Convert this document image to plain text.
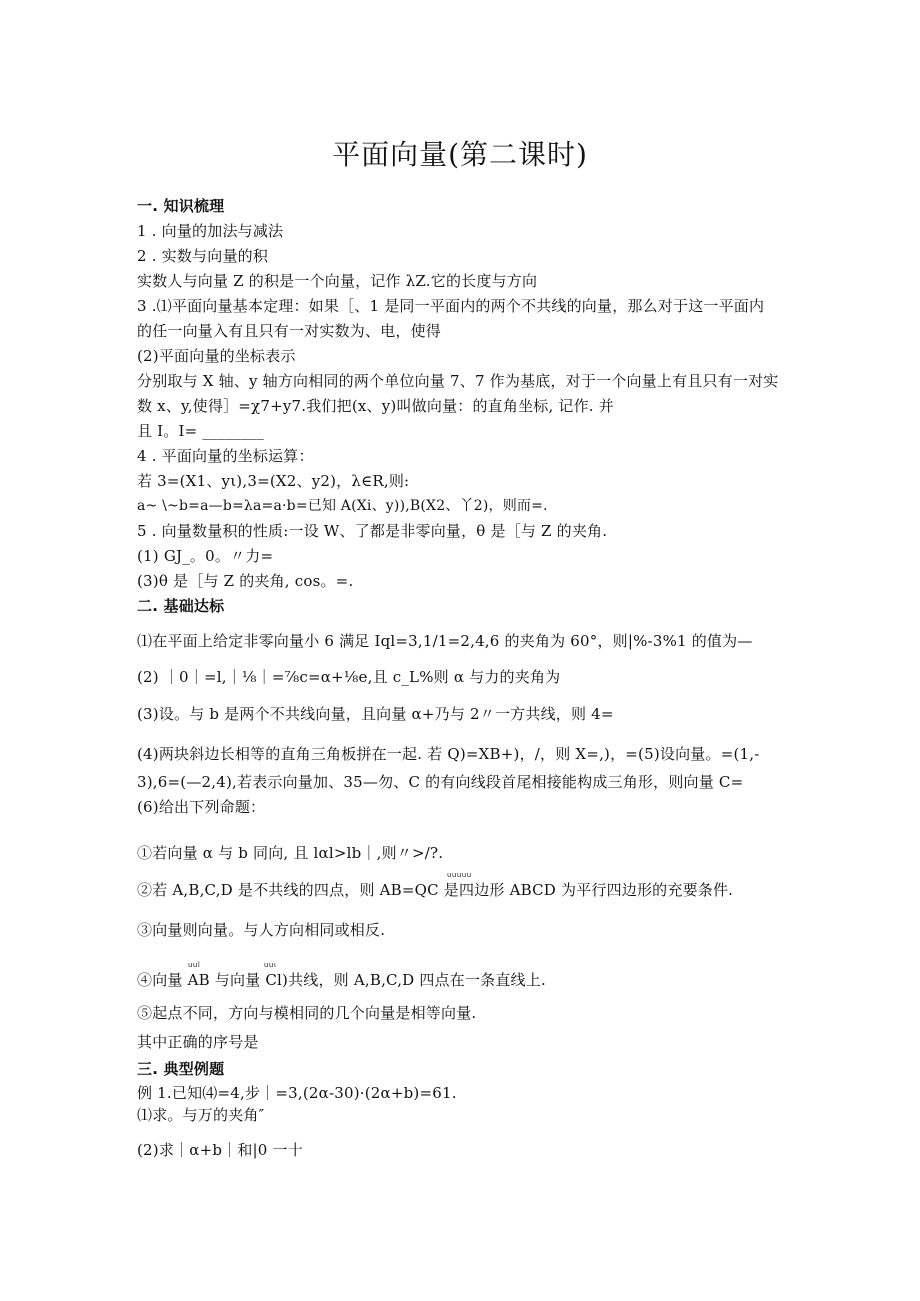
平面向量(第二课时)
一. 知识梳理
1 . 向量的加法与减法
2 . 实数与向量的积
实数人与向量 Z 的积是一个向量，记作 λZ.它的长度与方向
3 .⑴平面向量基本定理：如果［、1 是同一平面内的两个不共线的向量，那么对于这一平面内
的任一向量入有且只有一对实数为、电，使得
(2)平面向量的坐标表示
分别取与 X 轴、y 轴方向相同的两个单位向量 7、7 作为基底，对于一个向量上有且只有一对实
数 x、y,使得］=χ7+y7.我们把(x、y)叫做向量：的直角坐标, 记作. 并
且 I。I= ________
4 . 平面向量的坐标运算：
若 3=(X1、yι),3=(X2、y2)，λ∈R,则:
a~ \~b=a—b=λa=a·b=已知 A(Xi、y)),B(X2、丫2)，则而=.
5 . 向量数量积的性质:一设 W、了都是非零向量，θ 是［与 Z 的夹角.
(1) GJ_。0。〃力=
(3)θ 是［与 Z 的夹角, cos。=.
二. 基础达标
⑴在平面上给定非零向量小 6 满足 Iql=3,1/1=2,4,6 的夹角为 60°，则|%-3%1 的值为—
(2) ｜0｜=l,｜⅛｜=⅞c=α+⅛e,且 c_L%则 α 与力的夹角为
(3)设。与 b 是两个不共线向量，且向量 α+乃与 2〃一方共线，则 4=
(4)两块斜边长相等的直角三角板拼在一起. 若 Q)=XB+)，/，则 X=,)，=(5)设向量。=(1,-
3),6=(—2,4),若表示向量加、35—勿、C 的有向线段首尾相接能构成三角形，则向量 C=
(6)给出下列命题：
①若向量 α 与 b 同向, 且 lαl>lb｜,则〃>/?.
uuuuu
②若 A,B,C,D 是不共线的四点，则 AB=QC 是四边形 ABCD 为平行四边形的充要条件.
③向量则向量。与人方向相同或相反.
uul	uuι
④向量 AB 与向量 Cl)共线，则 A,B,C,D 四点在一条直线上.
⑤起点不同，方向与模相同的几个向量是相等向量.
其中正确的序号是
三. 典型例题
例 1.已知⑷=4,步｜=3,(2α-30)·(2α+b)=61.
⑴求。与万的夹角″
(2)求｜α+b｜和|0 一十
